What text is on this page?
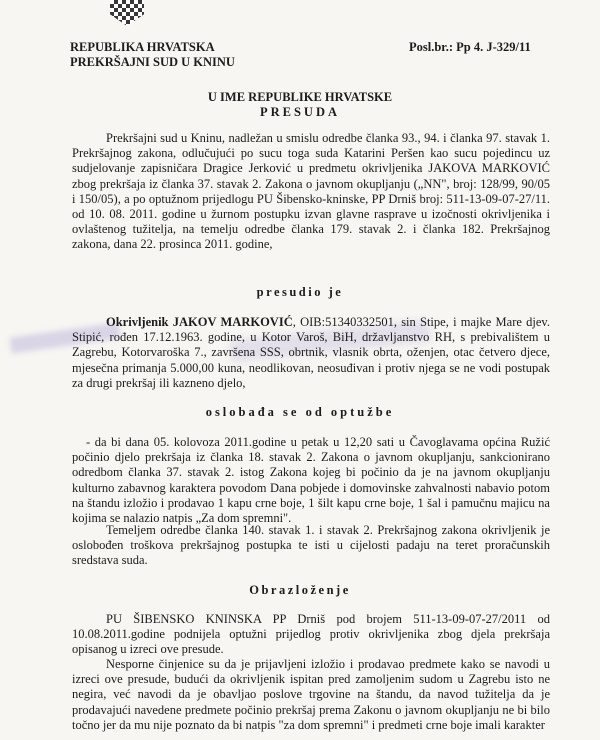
REPUBLIKA HRVATSKA
PREKRŠAJNI SUD U KNINU
Posl.br.: Pp 4. J-329/11
U IME REPUBLIKE HRVATSKE
PRESUDA
Prekršajni sud u Kninu, nadležan u smislu odredbe članka 93., 94. i članka 97. stavak 1. Prekršajnog zakona, odlučujući po sucu toga suda Katarini Peršen kao sucu pojedincu uz sudjelovanje zapisničara Dragice Jerković u predmetu okrivljenika JAKOVA MARKOVIĆ zbog prekršaja iz članka 37. stavak 2. Zakona o javnom okupljanju („NN", broj: 128/99, 90/05 i 150/05), a po optužnom prijedlogu PU Šibensko-kninske, PP Drniš broj: 511-13-09-07-27/11. od 10. 08. 2011. godine u žurnom postupku izvan glavne rasprave u izočnosti okrivljenika i ovlaštenog tužitelja, na temelju odredbe članka 179. stavak 2. i članka 182. Prekršajnog zakona, dana 22. prosinca 2011. godine,
presudio je
Okrivljenik JAKOV MARKOVIĆ, OIB:51340332501, sin Stipe, i majke Mare djev. Stipić, rođen 17.12.1963. godine, u Kotor Varoš, BiH, državljanstvo RH, s prebivalištem u Zagrebu, Kotorvaroška 7., završena SSS, obrtnik, vlasnik obrta, oženjen, otac četvero djece, mjesečna primanja 5.000,00 kuna, neodlikovan, neosuđivan i protiv njega se ne vodi postupak za drugi prekršaj ili kazneno djelo,
oslobađa se od optužbe
- da bi dana 05. kolovoza 2011.godine u petak u 12,20 sati u Čavoglavama općina Ružić počinio djelo prekršaja iz članka 18. stavak 2. Zakona o javnom okupljanju, sankcionirano odredbom članka 37. stavak 2. istog Zakona kojeg bi počinio da je na javnom okupljanju kulturno zabavnog karaktera povodom Dana pobjede i domovinske zahvalnosti nabavio potom na štandu izložio i prodavao 1 kapu crne boje, 1 šilt kapu crne boje, 1 šal i pamučnu majicu na kojima se nalazio natpis „Za dom spremni".
Temeljem odredbe članka 140. stavak 1. i stavak 2. Prekršajnog zakona okrivljenik je oslobođen troškova prekršajnog postupka te isti u cijelosti padaju na teret proračunskih sredstava suda.
Obrazloženje
PU ŠIBENSKO KNINSKA PP Drniš pod brojem 511-13-09-07-27/2011 od 10.08.2011.godine podnijela optužni prijedlog protiv okrivljenika zbog djela prekršaja opisanog u izreci ove presude.
Nesporne činjenice su da je prijavljeni izložio i prodavao predmete kako se navodi u izreci ove presude, budući da okrivljenik ispitan pred zamoljenim sudom u Zagrebu isto ne negira, već navodi da je obavljao poslove trgovine na štandu, da navod tužitelja da je prodavajući navedene predmete počinio prekršaj prema Zakonu o javnom okupljanju ne bi bilo točno jer da mu nije poznato da bi natpis "za dom spremni" i predmeti crne boje imali karakter
